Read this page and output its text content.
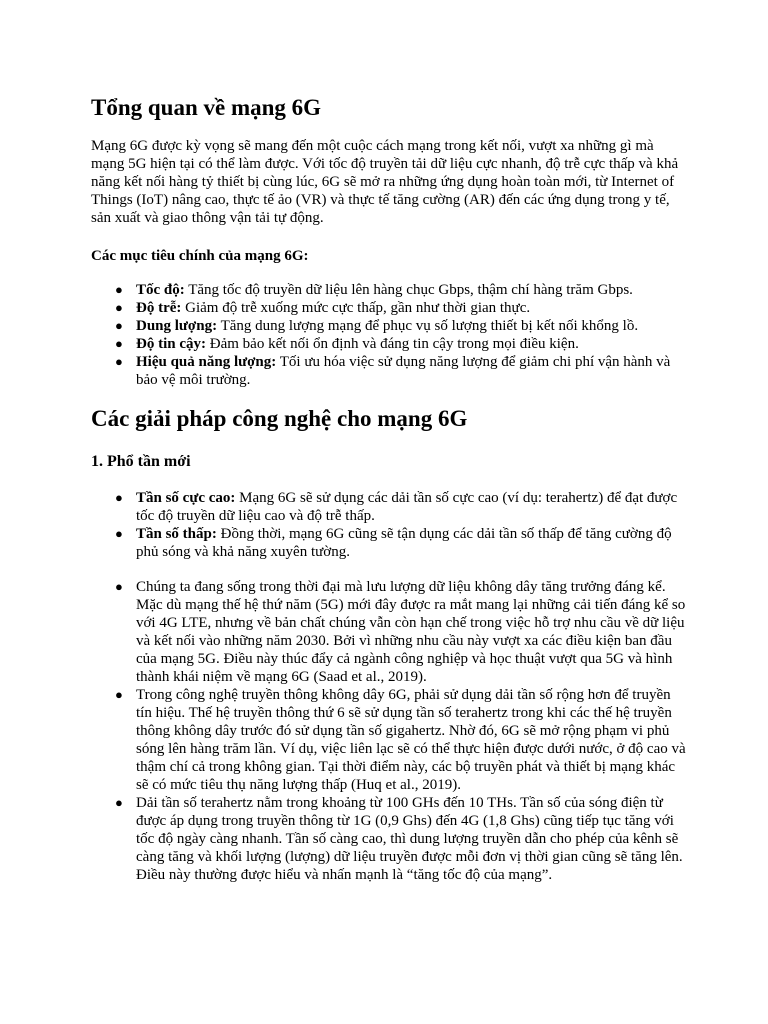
Tổng quan về mạng 6G

Mạng 6G được kỳ vọng sẽ mang đến một cuộc cách mạng trong kết nối, vượt xa những gì mà mạng 5G hiện tại có thể làm được. Với tốc độ truyền tải dữ liệu cực nhanh, độ trễ cực thấp và khả năng kết nối hàng tỷ thiết bị cùng lúc, 6G sẽ mở ra những ứng dụng hoàn toàn mới, từ Internet of Things (IoT) nâng cao, thực tế ảo (VR) và thực tế tăng cường (AR) đến các ứng dụng trong y tế, sản xuất và giao thông vận tải tự động.

Các mục tiêu chính của mạng 6G:
● Tốc độ: Tăng tốc độ truyền dữ liệu lên hàng chục Gbps, thậm chí hàng trăm Gbps.
● Độ trễ: Giảm độ trễ xuống mức cực thấp, gần như thời gian thực.
● Dung lượng: Tăng dung lượng mạng để phục vụ số lượng thiết bị kết nối khổng lồ.
● Độ tin cậy: Đảm bảo kết nối ổn định và đáng tin cậy trong mọi điều kiện.
● Hiệu quả năng lượng: Tối ưu hóa việc sử dụng năng lượng để giảm chi phí vận hành và bảo vệ môi trường.
Các giải pháp công nghệ cho mạng 6G
1. Phổ tần mới
● Tần số cực cao: Mạng 6G sẽ sử dụng các dải tần số cực cao (ví dụ: terahertz) để đạt được tốc độ truyền dữ liệu cao và độ trễ thấp.
● Tần số thấp: Đồng thời, mạng 6G cũng sẽ tận dụng các dải tần số thấp để tăng cường độ phủ sóng và khả năng xuyên tường.
● Chúng ta đang sống trong thời đại mà lưu lượng dữ liệu không dây tăng trưởng đáng kể. Mặc dù mạng thế hệ thứ năm (5G) mới đây được ra mắt mang lại những cải tiến đáng kể so với 4G LTE, nhưng về bản chất chúng vẫn còn hạn chế trong việc hỗ trợ nhu cầu về dữ liệu và kết nối vào những năm 2030. Bởi vì những nhu cầu này vượt xa các điều kiện ban đầu của mạng 5G. Điều này thúc đẩy cả ngành công nghiệp và học thuật vượt qua 5G và hình thành khái niệm về mạng 6G (Saad et al., 2019).
● Trong công nghệ truyền thông không dây 6G, phải sử dụng dải tần số rộng hơn để truyền tín hiệu. Thế hệ truyền thông thứ 6 sẽ sử dụng tần số terahertz trong khi các thế hệ truyền thông không dây trước đó sử dụng tần số gigahertz. Nhờ đó, 6G sẽ mở rộng phạm vi phủ sóng lên hàng trăm lần. Ví dụ, việc liên lạc sẽ có thể thực hiện được dưới nước, ở độ cao và thậm chí cả trong không gian. Tại thời điểm này, các bộ truyền phát và thiết bị mạng khác sẽ có mức tiêu thụ năng lượng thấp (Huq et al., 2019).
● Dải tần số terahertz nằm trong khoảng từ 100 GHs đến 10 THs. Tần số của sóng điện từ được áp dụng trong truyền thông từ 1G (0,9 Ghs) đến 4G (1,8 Ghs) cũng tiếp tục tăng với tốc độ ngày càng nhanh. Tần số càng cao, thì dung lượng truyền dẫn cho phép của kênh sẽ càng tăng và khối lượng (lượng) dữ liệu truyền được mỗi đơn vị thời gian cũng sẽ tăng lên. Điều này thường được hiểu và nhấn mạnh là “tăng tốc độ của mạng”.
